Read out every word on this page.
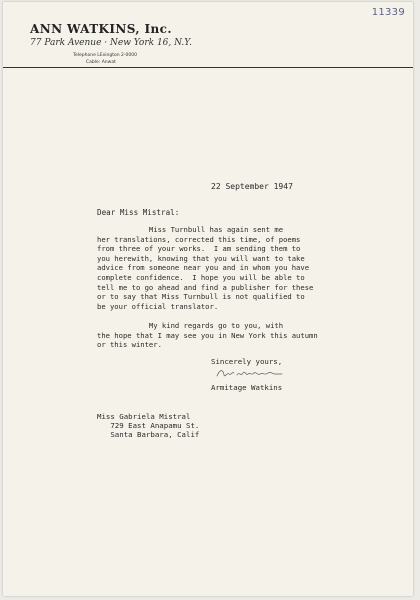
11339
ANN WATKINS, Inc.
77 Park Avenue · New York 16, N.Y.
Telephone LExington 2-0000
Cable: Anwat
22 September 1947
Dear Miss Mistral:
Miss Turnbull has again sent me
her translations, corrected this time, of poems
from three of your works.  I am sending them to
you herewith, knowing that you will want to take
advice from someone near you and in whom you have
complete confidence.  I hope you will be able to
tell me to go ahead and find a publisher for these
or to say that Miss Turnbull is not qualified to
be your official translator.
My kind regards go to you, with
the hope that I may see you in New York this autumn
or this winter.
Sincerely yours,
Armitage Watkins
Miss Gabriela Mistral
729 East Anapamu St.
Santa Barbara, Calif
